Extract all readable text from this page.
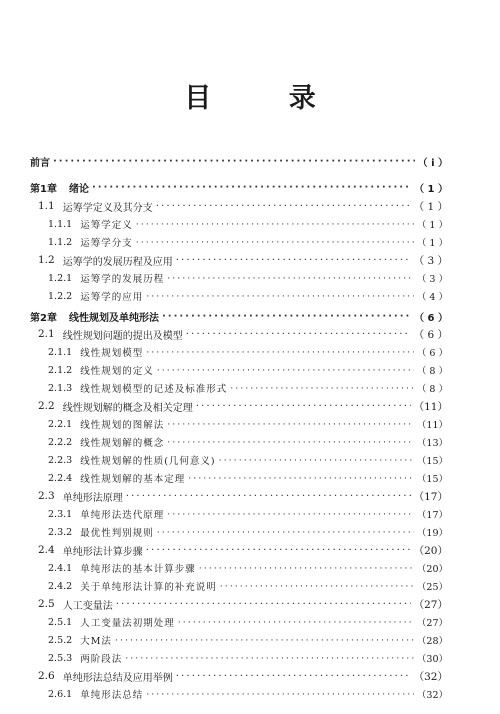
目 录
前言 ·····	（ ⅰ ）
第1章	绪论 ·····	（ 1 ）
1.1 运筹学定义及其分支 ·····	（ 1 ）
1.1.1 运筹学定义 ·····	（ 1 ）
1.1.2 运筹学分支 ·····	（ 1 ）
1.2 运筹学的发展历程及应用 ·····	（ 3 ）
1.2.1 运筹学的发展历程 ·····	（ 3 ）
1.2.2 运筹学的应用 ·····	（ 4 ）
第2章	线性规划及单纯形法 ·····	（ 6 ）
2.1 线性规划问题的提出及模型 ·····	（ 6 ）
2.1.1 线性规划模型 ·····	（ 6 ）
2.1.2 线性规划的定义 ·····	（ 8 ）
2.1.3 线性规划模型的记述及标准形式 ·····	（ 8 ）
2.2 线性规划解的概念及相关定理 ·····	（11）
2.2.1 线性规划的图解法 ·····	（11）
2.2.2 线性规划解的概念 ·····	（13）
2.2.3 线性规划解的性质(几何意义) ·····	（15）
2.2.4 线性规划解的基本定理 ·····	（15）
2.3 单纯形法原理 ·····	（17）
2.3.1 单纯形法迭代原理 ·····	（17）
2.3.2 最优性判别规则 ·····	（19）
2.4 单纯形法计算步骤 ·····	（20）
2.4.1 单纯形法的基本计算步骤 ·····	（20）
2.4.2 关于单纯形法计算的补充说明 ·····	（25）
2.5 人工变量法 ·····	（27）
2.5.1 人工变量法初期处理 ·····	（27）
2.5.2 大M法 ·····	（28）
2.5.3 两阶段法 ·····	（30）
2.6 单纯形法总结及应用举例 ·····	（32）
2.6.1 单纯形法总结 ·····	（32）
